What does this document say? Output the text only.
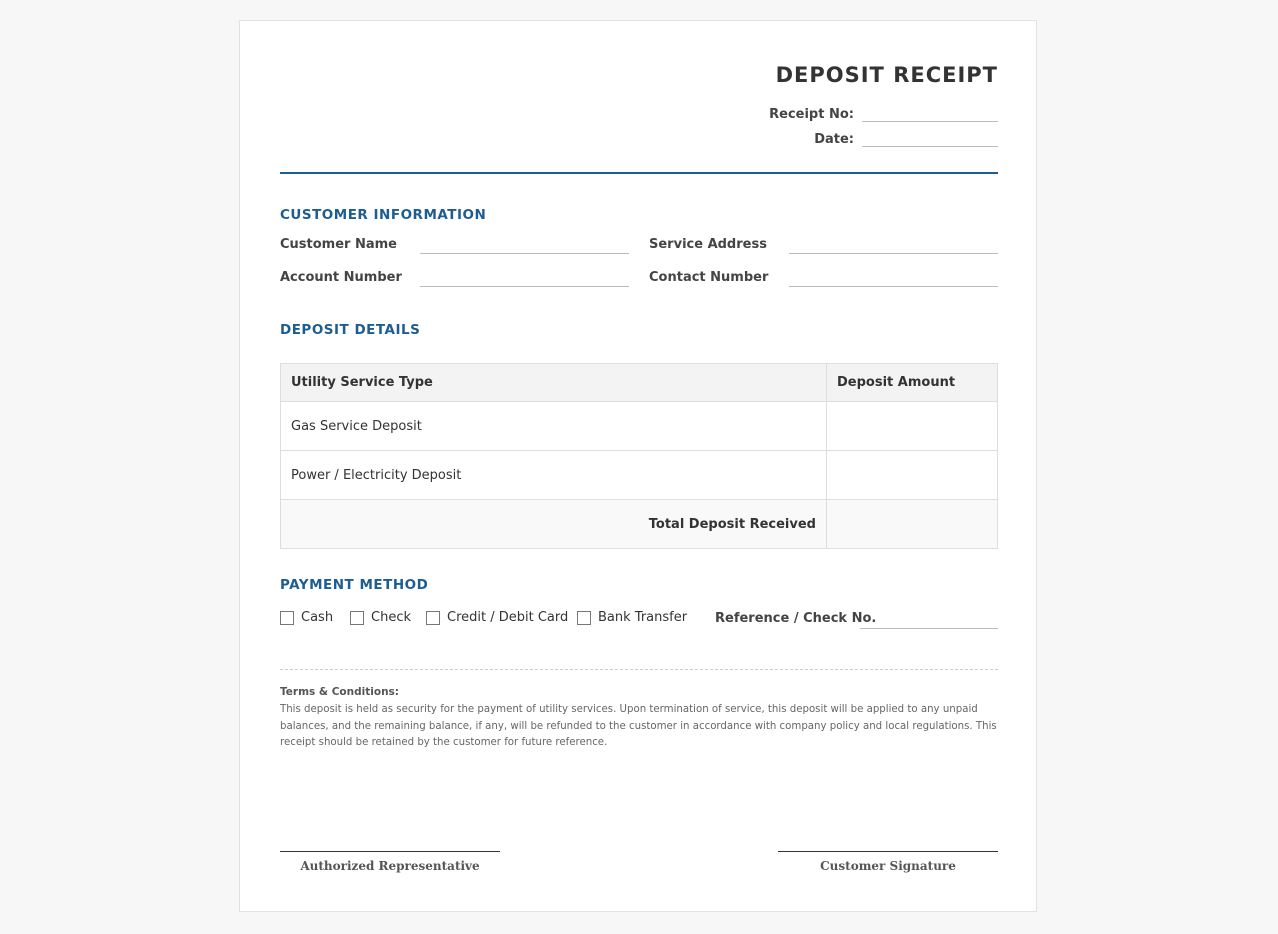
DEPOSIT RECEIPT
Receipt No:
Date:
CUSTOMER INFORMATION
Customer Name	Service Address
Account Number	Contact Number
DEPOSIT DETAILS
Utility Service Type	Deposit Amount
Gas Service Deposit	
Power / Electricity Deposit	
Total Deposit Received	
PAYMENT METHOD
Cash	Check	Credit / Debit Card Bank Transfer Reference / Check No.
Terms & Conditions:
This deposit is held as security for the payment of utility services. Upon termination of service, this deposit will be applied to any unpaid balances, and the remaining balance, if any, will be refunded to the customer in accordance with company policy and local regulations. This receipt should be retained by the customer for future reference.
Authorized Representative	Customer Signature
